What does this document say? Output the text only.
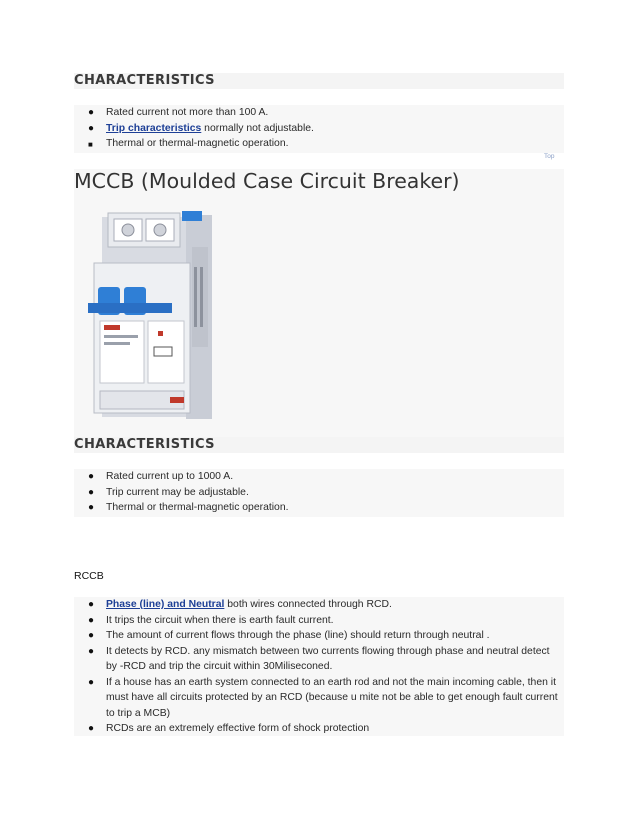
CHARACTERISTICS
● Rated current not more than 100 A.
● Trip characteristics normally not adjustable.
■ Thermal or thermal-magnetic operation.
Top
MCCB (Moulded Case Circuit Breaker)
CHARACTERISTICS
● Rated current up to 1000 A.
● Trip current may be adjustable.
● Thermal or thermal-magnetic operation.
RCCB
● Phase (line) and Neutral both wires connected through RCD.
● It trips the circuit when there is earth fault current.
● The amount of current flows through the phase (line) should return through neutral .
● It detects by RCD. any mismatch between two currents flowing through phase and neutral detect by -RCD and trip the circuit within 30Miliseconed.
● If a house has an earth system connected to an earth rod and not the main incoming cable, then it must have all circuits protected by an RCD (because u mite not be able to get enough fault current to trip a MCB)
● RCDs are an extremely effective form of shock protection
